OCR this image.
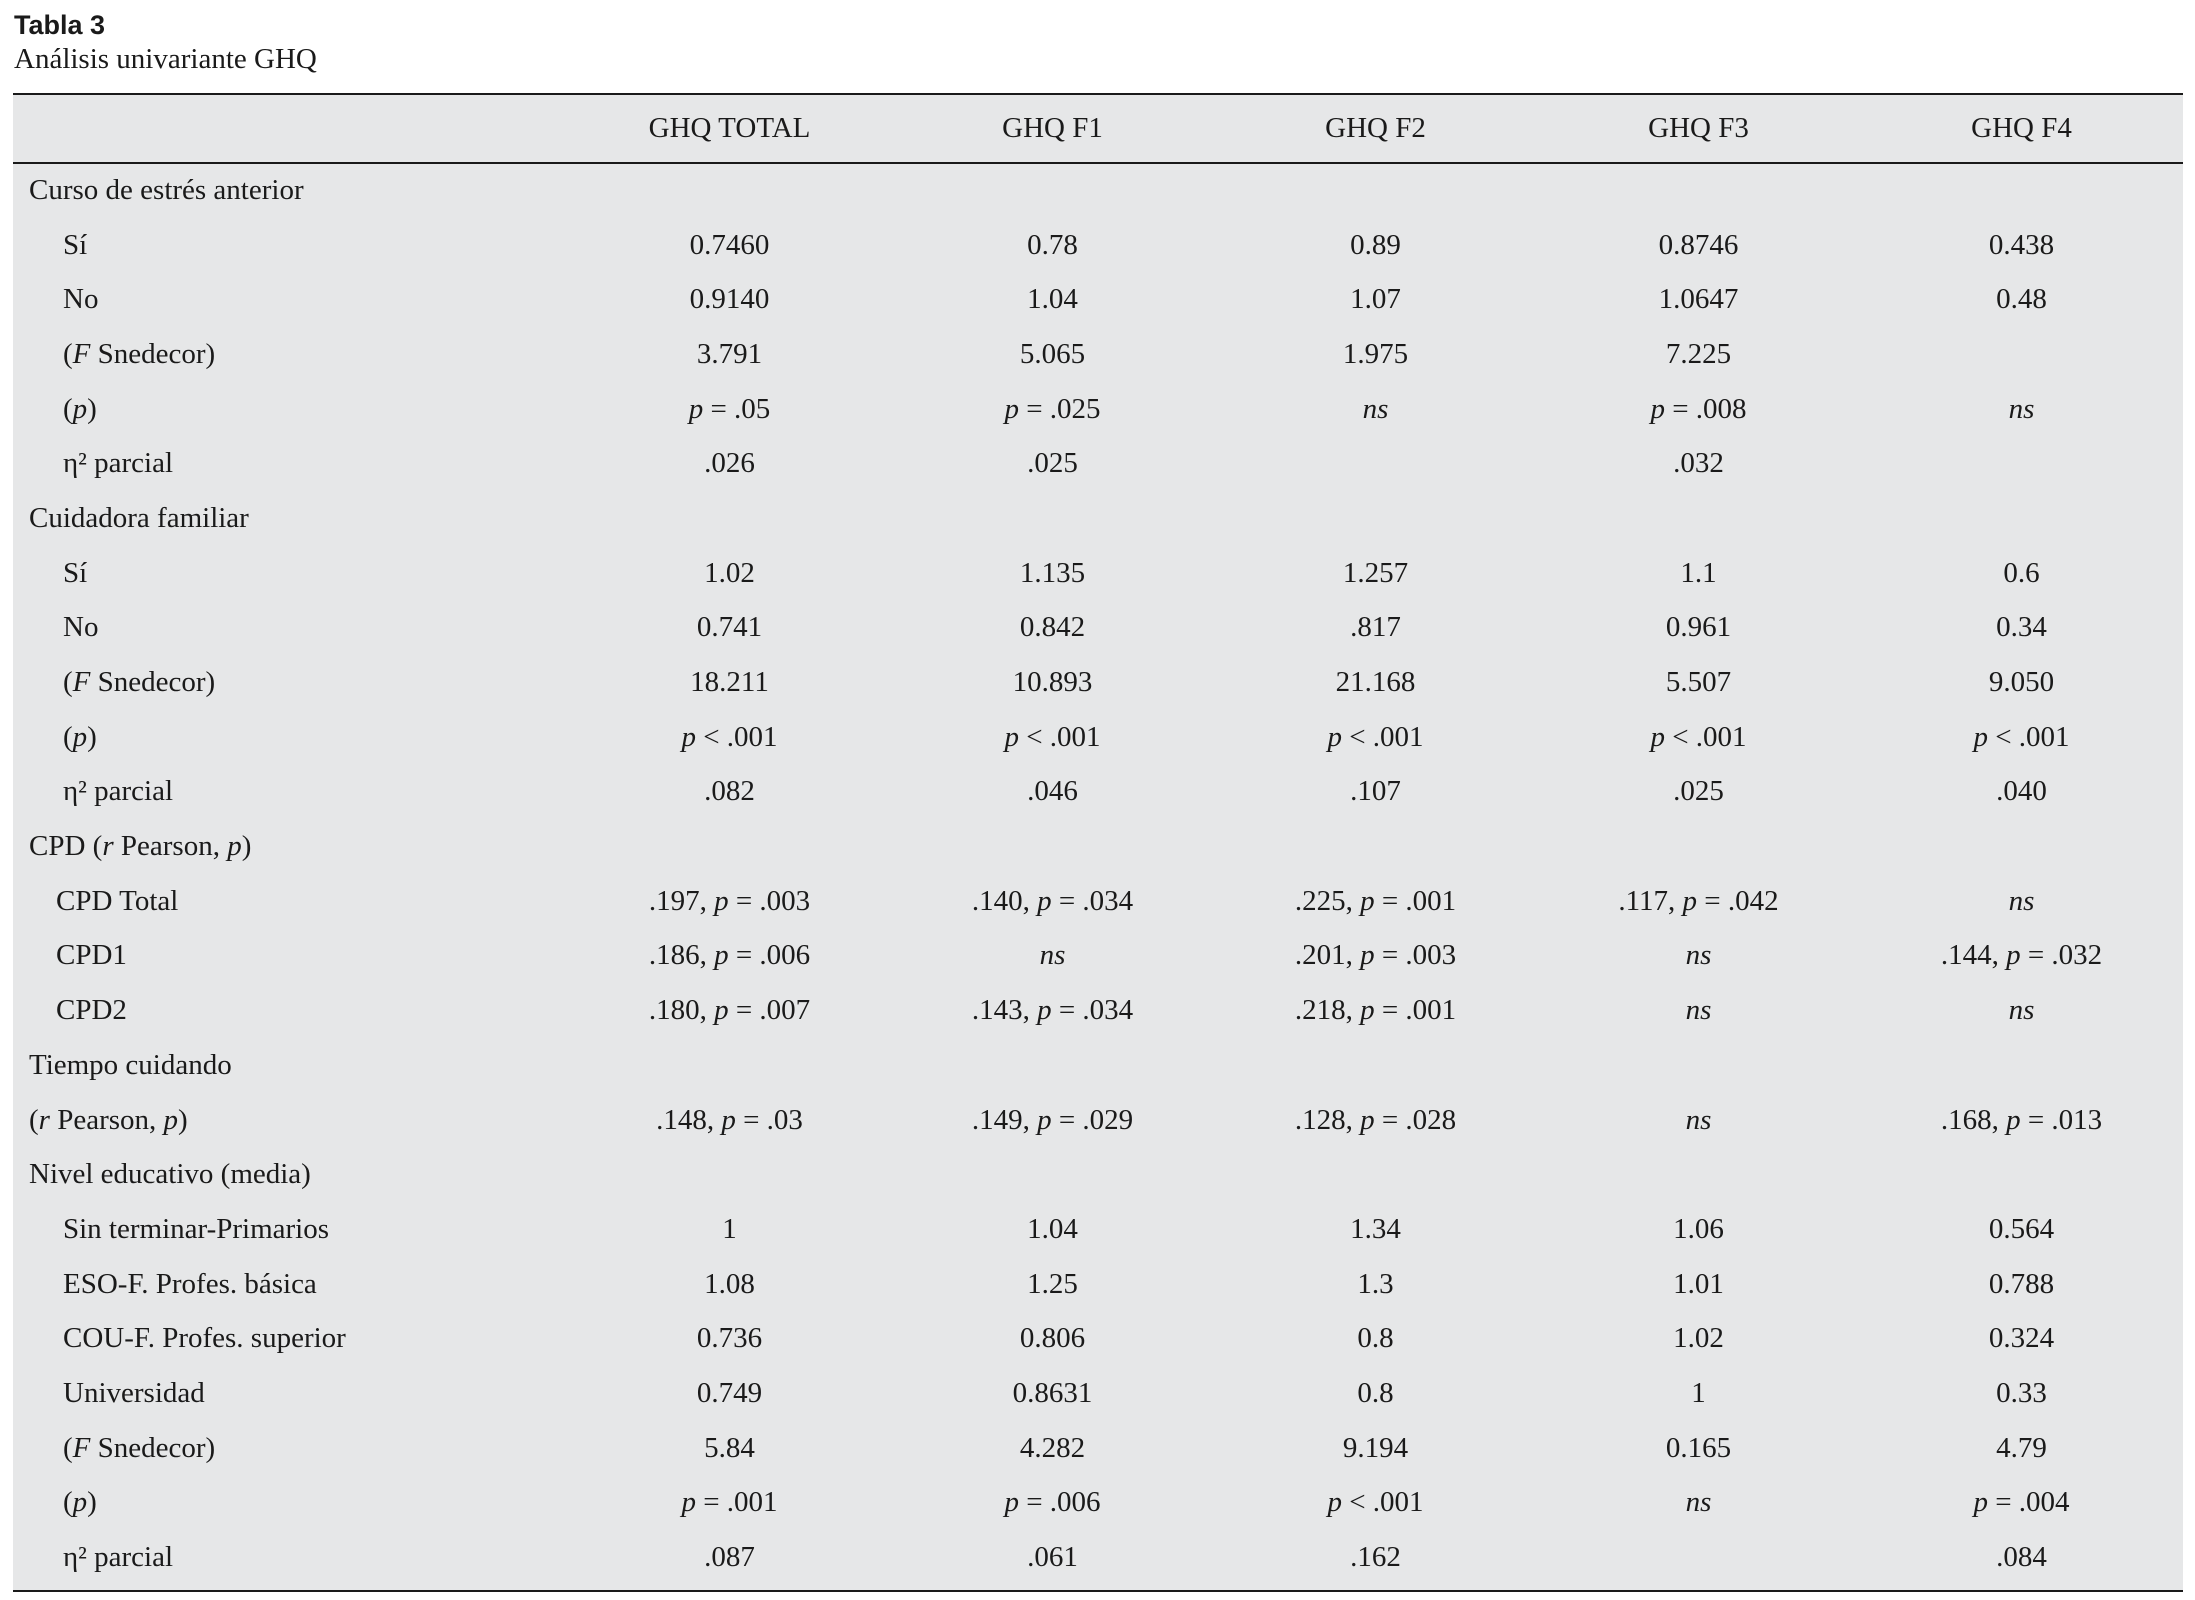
Tabla 3

Análisis univariante GHQ

	GHQ TOTAL	GHQ F1	GHQ F2	GHQ F3	GHQ F4
Curso de estrés anterior					
Sí	0.7460	0.78	0.89	0.8746	0.438
No	0.9140	1.04	1.07	1.0647	0.48
(F Snedecor)	3.791	5.065	1.975	7.225	
(p)	p = .05	p = .025	ns	p = .008	ns
η² parcial	.026	.025		.032	
Cuidadora familiar					
Sí	1.02	1.135	1.257	1.1	0.6
No	0.741	0.842	.817	0.961	0.34
(F Snedecor)	18.211	10.893	21.168	5.507	9.050
(p)	p < .001	p < .001	p < .001	p < .001	p < .001
η² parcial	.082	.046	.107	.025	.040
CPD (r Pearson, p)					
CPD Total	.197, p = .003	.140, p = .034	.225, p = .001	.117, p = .042	ns
CPD1	.186, p = .006	ns	.201, p = .003	ns	.144, p = .032
CPD2	.180, p = .007	.143, p = .034	.218, p = .001	ns	ns
Tiempo cuidando					
(r Pearson, p)	.148, p = .03	.149, p = .029	.128, p = .028	ns	.168, p = .013
Nivel educativo (media)					
Sin terminar-Primarios	1	1.04	1.34	1.06	0.564
ESO-F. Profes. básica	1.08	1.25	1.3	1.01	0.788
COU-F. Profes. superior	0.736	0.806	0.8	1.02	0.324
Universidad	0.749	0.8631	0.8	1	0.33
(F Snedecor)	5.84	4.282	9.194	0.165	4.79
(p)	p = .001	p = .006	p < .001	ns	p = .004
η² parcial	.087	.061	.162		.084
